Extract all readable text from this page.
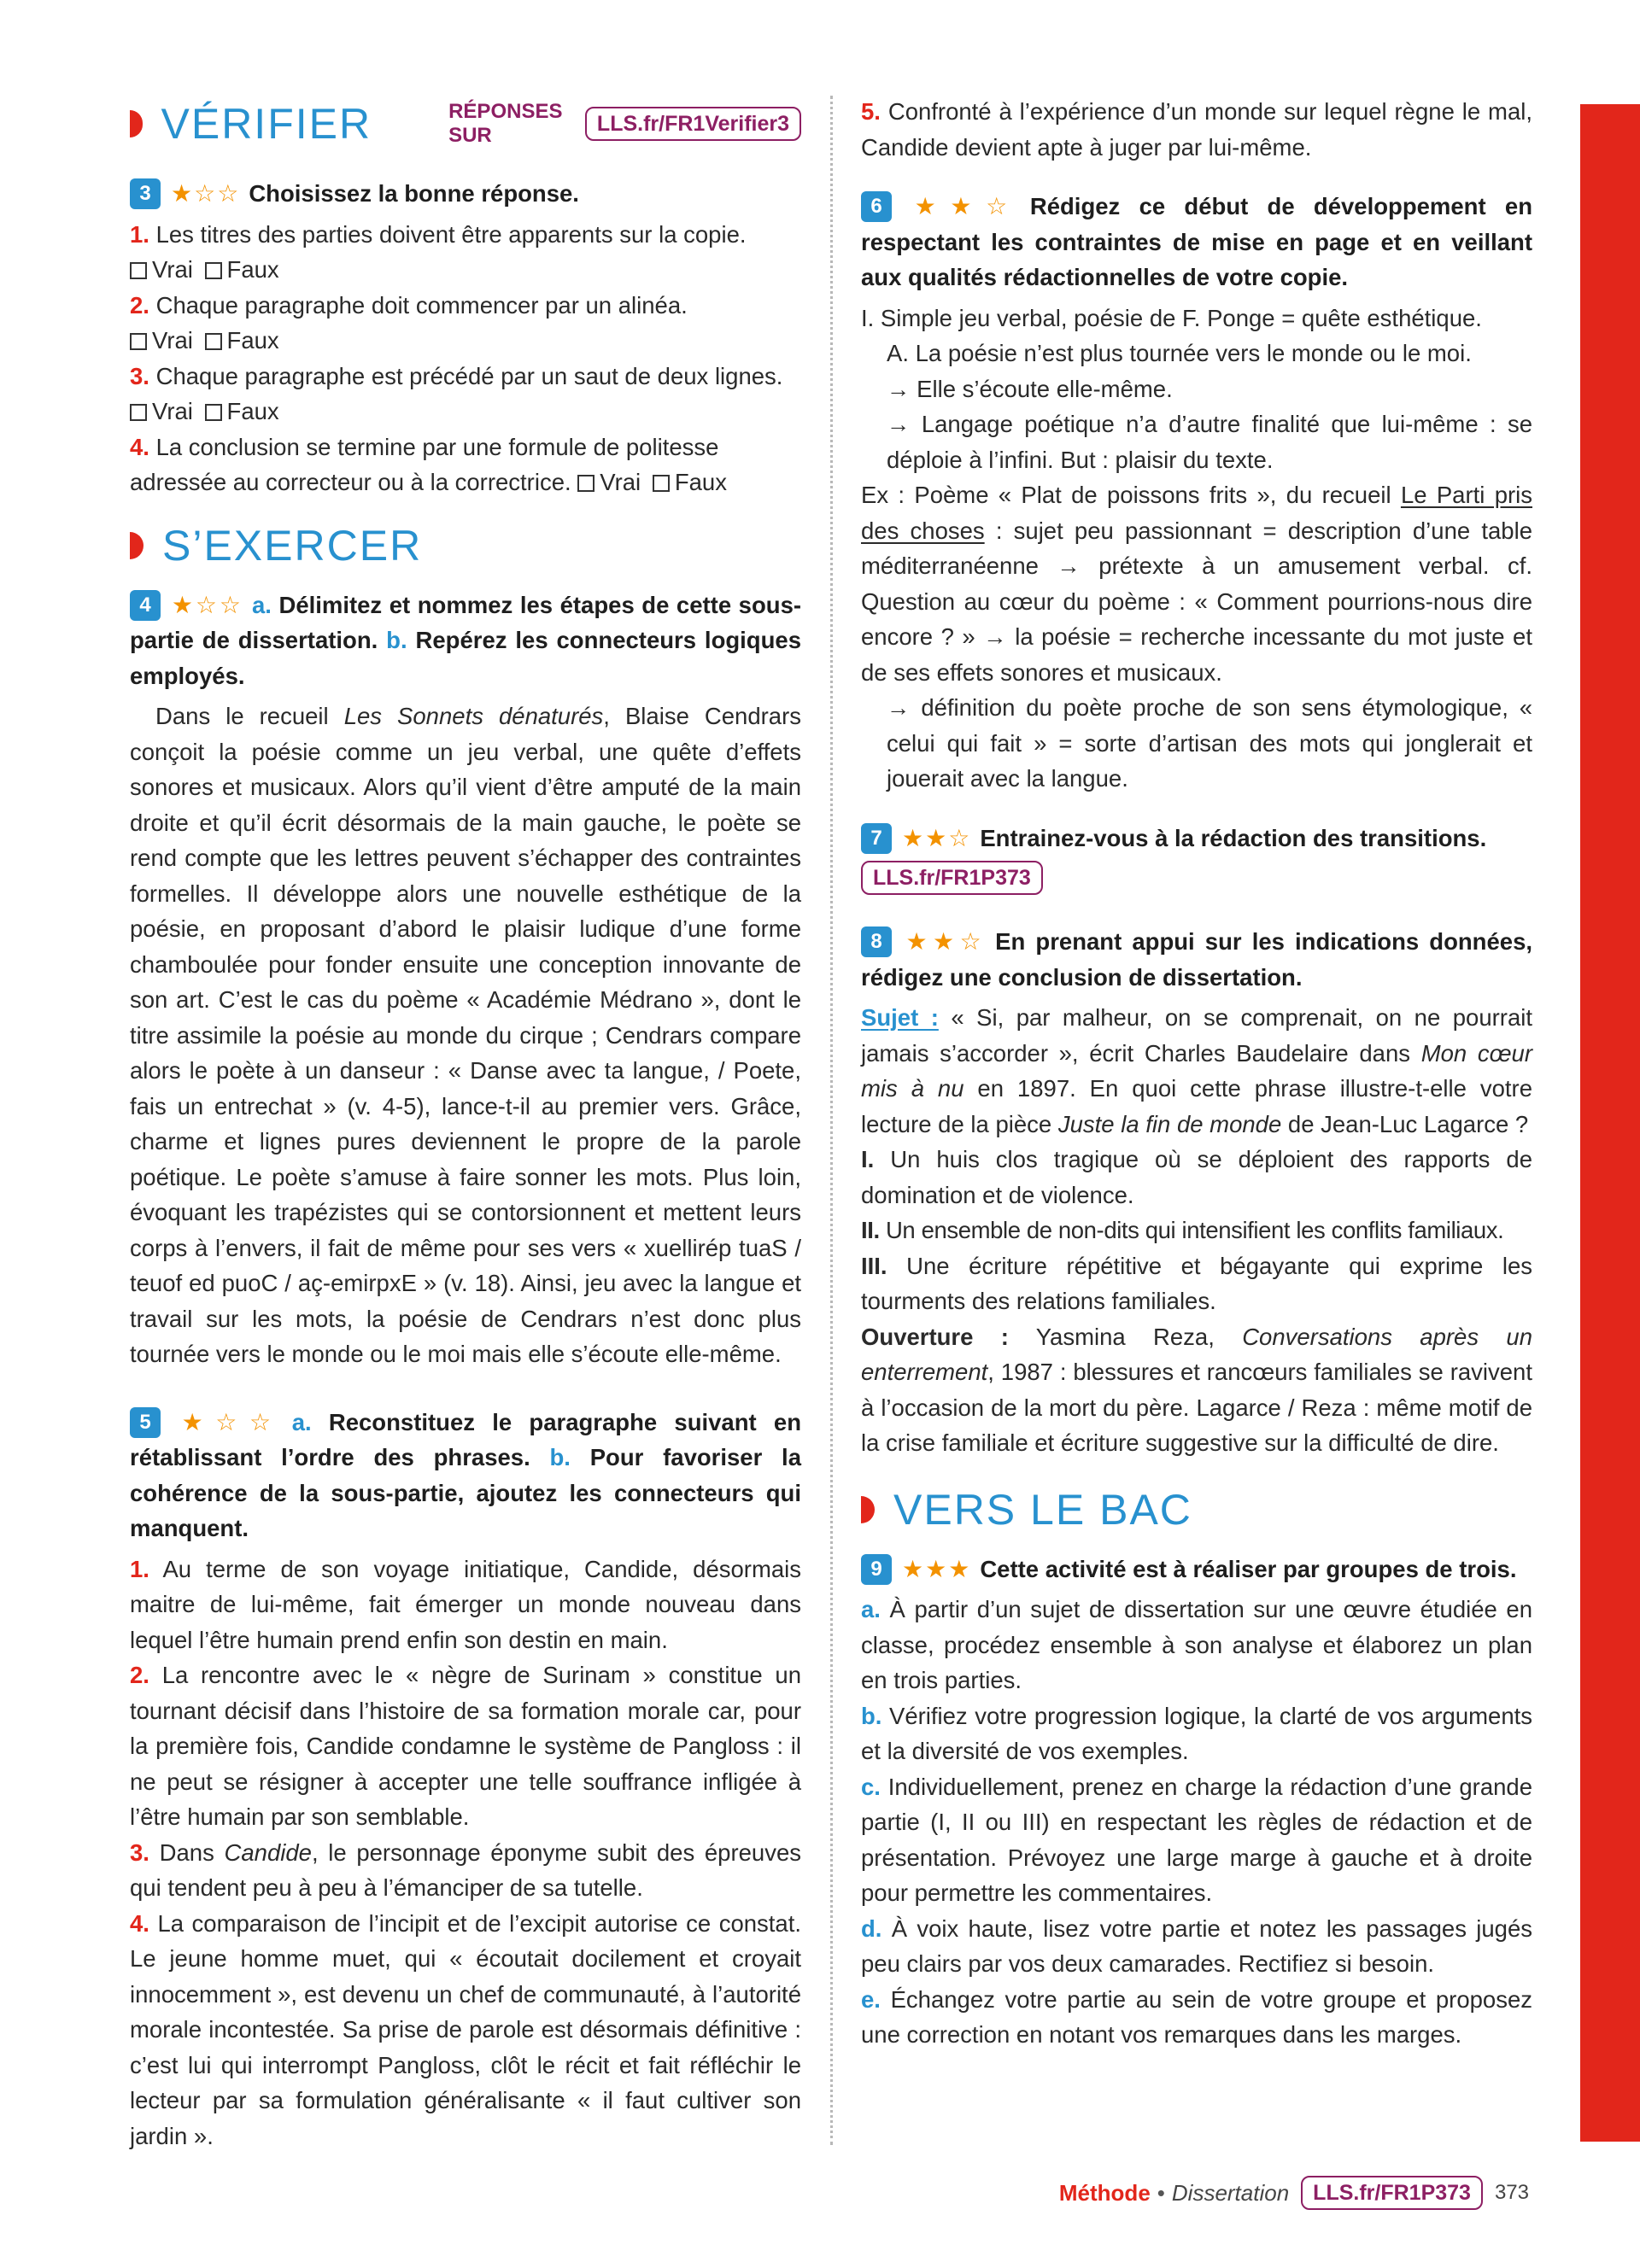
VÉRIFIER	RÉPONSES SUR	LLS.fr/FR1Verifier3
3 ★☆☆ Choisissez la bonne réponse.
1. Les titres des parties doivent être apparents sur la copie.
Vrai Faux
2. Chaque paragraphe doit commencer par un alinéa.
Vrai Faux
3. Chaque paragraphe est précédé par un saut de deux lignes. Vrai Faux
4. La conclusion se termine par une formule de politesse adressée au correcteur ou à la correctrice. Vrai Faux
S’EXERCER
4 ★☆☆ a. Délimitez et nommez les étapes de cette sous-partie de dissertation. b. Repérez les connecteurs logiques employés.
Dans le recueil Les Sonnets dénaturés, Blaise Cendrars conçoit la poésie comme un jeu verbal, une quête d’effets sonores et musicaux. Alors qu’il vient d’être amputé de la main droite et qu’il écrit désormais de la main gauche, le poète se rend compte que les lettres peuvent s’échapper des contraintes formelles. Il développe alors une nouvelle esthétique de la poésie, en proposant d’abord le plaisir ludique d’une forme chamboulée pour fonder ensuite une conception innovante de son art. C’est le cas du poème « Académie Médrano », dont le titre assimile la poésie au monde du cirque ; Cendrars compare alors le poète à un danseur : « Danse avec ta langue, / Poete, fais un entrechat » (v. 4-5), lance-t-il au premier vers. Grâce, charme et lignes pures deviennent le propre de la parole poétique. Le poète s’amuse à faire sonner les mots. Plus loin, évoquant les trapézistes qui se contorsionnent et mettent leurs corps à l’envers, il fait de même pour ses vers « xuellirép tuaS / teuof ed puoC / aç-emirpxE » (v. 18). Ainsi, jeu avec la langue et travail sur les mots, la poésie de Cendrars n’est donc plus tournée vers le monde ou le moi mais elle s’écoute elle-même.
5 ★☆☆ a. Reconstituez le paragraphe suivant en rétablissant l’ordre des phrases. b. Pour favoriser la cohérence de la sous-partie, ajoutez les connecteurs qui manquent.
1. Au terme de son voyage initiatique, Candide, désormais maitre de lui-même, fait émerger un monde nouveau dans lequel l’être humain prend enfin son destin en main.
2. La rencontre avec le « nègre de Surinam » constitue un tournant décisif dans l’histoire de sa formation morale car, pour la première fois, Candide condamne le système de Pangloss : il ne peut se résigner à accepter une telle souffrance infligée à l’être humain par son semblable.
3. Dans Candide, le personnage éponyme subit des épreuves qui tendent peu à peu à l’émanciper de sa tutelle.
4. La comparaison de l’incipit et de l’excipit autorise ce constat. Le jeune homme muet, qui « écoutait docilement et croyait innocemment », est devenu un chef de communauté, à l’autorité morale incontestée. Sa prise de parole est désormais définitive : c’est lui qui interrompt Pangloss, clôt le récit et fait réfléchir le lecteur par sa formulation généralisante « il faut cultiver son jardin ».
5. Confronté à l’expérience d’un monde sur lequel règne le mal, Candide devient apte à juger par lui-même.
6 ★★☆ Rédigez ce début de développement en respectant les contraintes de mise en page et en veillant aux qualités rédactionnelles de votre copie.
I. Simple jeu verbal, poésie de F. Ponge = quête esthétique.
A. La poésie n’est plus tournée vers le monde ou le moi.
→ Elle s’écoute elle-même.
→ Langage poétique n’a d’autre finalité que lui-même : se déploie à l’infini. But : plaisir du texte.
Ex : Poème « Plat de poissons frits », du recueil Le Parti pris des choses : sujet peu passionnant = description d’une table méditerranéenne → prétexte à un amusement verbal. cf. Question au cœur du poème : « Comment pourrions-nous dire encore ? » → la poésie = recherche incessante du mot juste et de ses effets sonores et musicaux.
→ définition du poète proche de son sens étymologique, « celui qui fait » = sorte d’artisan des mots qui jonglerait et jouerait avec la langue.
7 ★★☆ Entrainez-vous à la rédaction des transitions.
LLS.fr/FR1P373
8 ★★☆ En prenant appui sur les indications données, rédigez une conclusion de dissertation.
Sujet : « Si, par malheur, on se comprenait, on ne pourrait jamais s’accorder », écrit Charles Baudelaire dans Mon cœur mis à nu en 1897. En quoi cette phrase illustre-t-elle votre lecture de la pièce Juste la fin de monde de Jean-Luc Lagarce ?
I. Un huis clos tragique où se déploient des rapports de domination et de violence.
II. Un ensemble de non-dits qui intensifient les conflits familiaux.
III. Une écriture répétitive et bégayante qui exprime les tourments des relations familiales.
Ouverture : Yasmina Reza, Conversations après un enterrement, 1987 : blessures et rancœurs familiales se ravivent à l’occasion de la mort du père. Lagarce / Reza : même motif de la crise familiale et écriture suggestive sur la difficulté de dire.
VERS LE BAC
9 ★★★ Cette activité est à réaliser par groupes de trois.
a. À partir d’un sujet de dissertation sur une œuvre étudiée en classe, procédez ensemble à son analyse et élaborez un plan en trois parties.
b. Vérifiez votre progression logique, la clarté de vos arguments et la diversité de vos exemples.
c. Individuellement, prenez en charge la rédaction d’une grande partie (I, II ou III) en respectant les règles de rédaction et de présentation. Prévoyez une large marge à gauche et à droite pour permettre les commentaires.
d. À voix haute, lisez votre partie et notez les passages jugés peu clairs par vos deux camarades. Rectifiez si besoin.
e. Échangez votre partie au sein de votre groupe et proposez une correction en notant vos remarques dans les marges.
Méthode • Dissertation	LLS.fr/FR1P373	373
